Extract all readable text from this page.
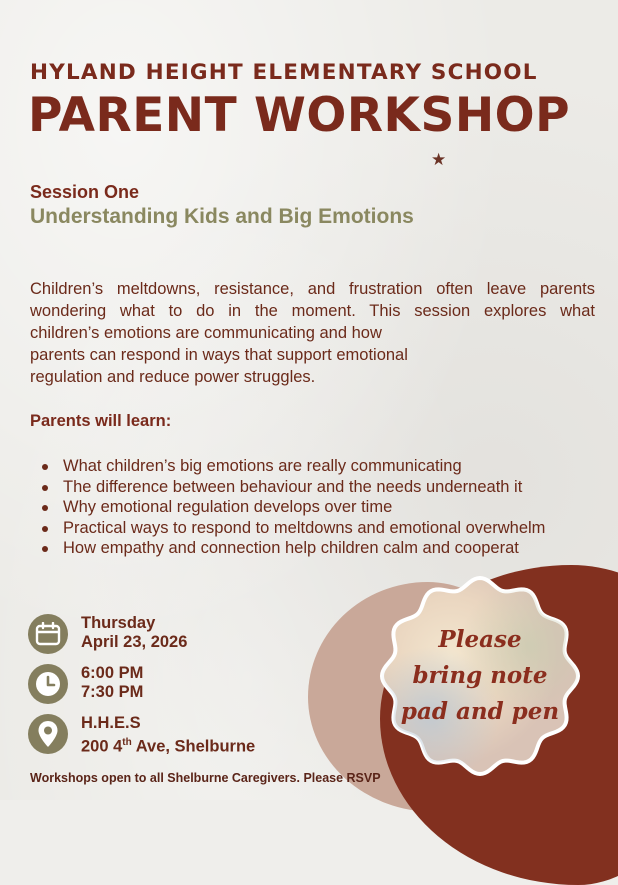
HYLAND HEIGHT ELEMENTARY SCHOOL
PARENT WORKSHOP
★
Session One
Understanding Kids and Big Emotions

Children’s meltdowns, resistance, and frustration often leave parents
wondering what to do in the moment. This session explores what
children’s emotions are communicating and how
parents can respond in ways that support emotional
regulation and reduce power struggles.

Parents will learn:
What children’s big emotions are really communicating
The difference between behaviour and the needs underneath it
Why emotional regulation develops over time
Practical ways to respond to meltdowns and emotional overwhelm
How empathy and connection help children calm and cooperat
Please
bring note
pad and pen
Thursday
April 23, 2026
6:00 PM
7:30 PM
H.H.E.S
200 4th Ave, Shelburne
Workshops open to all Shelburne Caregivers. Please RSVP
